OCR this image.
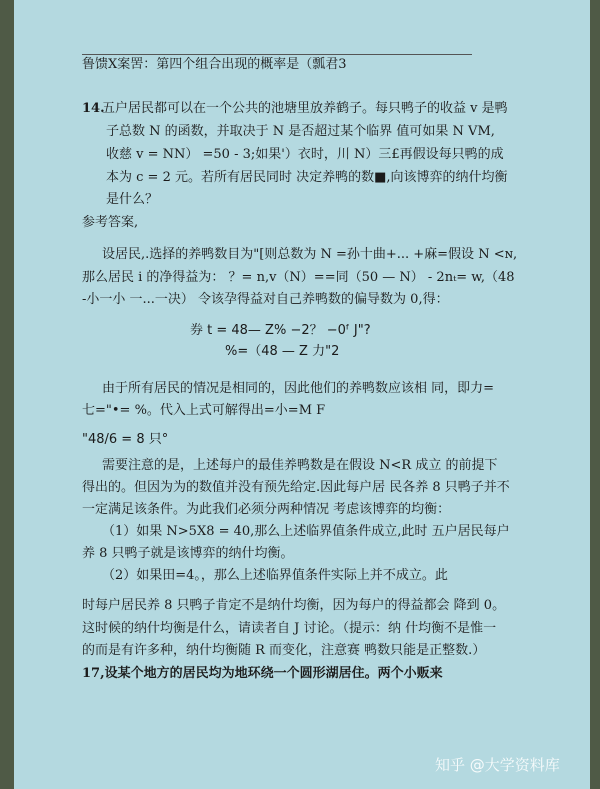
鲁馈X案罟：第四个组合出现的概率是（瓢君3
14.
五户居民都可以在一个公共的池塘里放养鹤子。每只鸭子的收益 v 是鸭
子总数 N 的函数，并取决于 N 是否超过某个临界 值可如果 N VM,
收慈 v = NN） =50 - 3;如果'）衣时，川 N）三£再假设每只鸭的成
本为 c = 2 元。若所有居民同时 决定养鸭的数■,向该博弈的纳什均衡
是什么？
参考答案,
设居民,.选择的养鸭数目为"[则总数为 N =孙十曲+... +麻=假设 N <ɴ,
那么居民 i 的净得益为： ？= n,v（N）==同（50 — N） - 2nₜ= w,（48
-小一小 一...一决） 令该孕得益对自己养鸭数的偏导数为 0,得：
券 t = 48— Z% −2？ −0ᶠ J"?
%=（48 — Z 力"2
由于所有居民的情况是相同的，因此他们的养鸭数应该相 同，即力=
七="•= %。代入上式可解得出=小=M F
"48/6 = 8 只°
需要注意的是，上述每户的最佳养鸭数是在假设 N<R 成立 的前提下
得出的。但因为为的数值并没有预先给定.因此每户居 民各养 8 只鸭子并不
一定满足该条件。为此我们必须分两种情况 考虑该博弈的均衡：
（1）如果 N>5X8 = 40,那么上述临界值条件成立,此时 五户居民每户
养 8 只鸭子就是该博弈的纳什均衡。
（2）如果田=4。，那么上述临界值条件实际上并不成立。此
时每户居民养 8 只鸭子肯定不是纳什均衡，因为每户的得益都会 降到 0。
这时候的纳什均衡是什么，请读者自 J 讨论。（提示：纳 什均衡不是惟一
的而是有许多种，纳什均衡随 R 而变化，注意赛 鸭数只能是正整数.）
17,设某个地方的居民均为地环绕一个圆形湖居住。两个小贩来
知乎 @大学资料库
